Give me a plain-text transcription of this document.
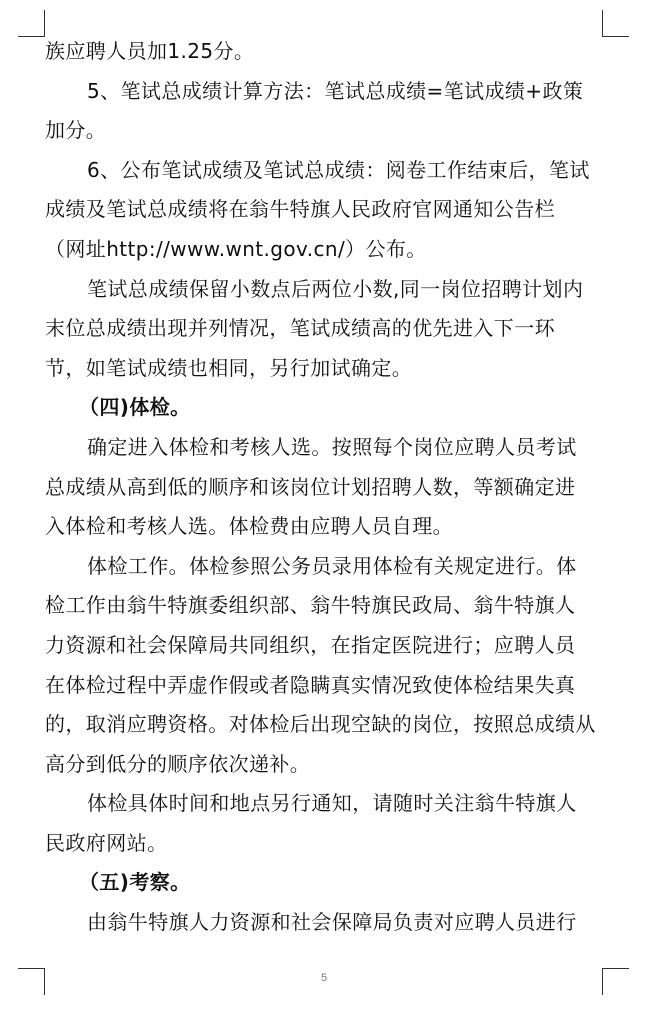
族应聘人员加1.25分。
5、笔试总成绩计算方法：笔试总成绩=笔试成绩+政策
加分。
6、公布笔试成绩及笔试总成绩：阅卷工作结束后，笔试
成绩及笔试总成绩将在翁牛特旗人民政府官网通知公告栏
（网址http://www.wnt.gov.cn/）公布。
笔试总成绩保留小数点后两位小数,同一岗位招聘计划内
末位总成绩出现并列情况，笔试成绩高的优先进入下一环
节，如笔试成绩也相同，另行加试确定。
（四)体检。
确定进入体检和考核人选。按照每个岗位应聘人员考试
总成绩从高到低的顺序和该岗位计划招聘人数，等额确定进
入体检和考核人选。体检费由应聘人员自理。
体检工作。体检参照公务员录用体检有关规定进行。体
检工作由翁牛特旗委组织部、翁牛特旗民政局、翁牛特旗人
力资源和社会保障局共同组织，在指定医院进行；应聘人员
在体检过程中弄虚作假或者隐瞒真实情况致使体检结果失真
的，取消应聘资格。对体检后出现空缺的岗位，按照总成绩从
高分到低分的顺序依次递补。
体检具体时间和地点另行通知，请随时关注翁牛特旗人
民政府网站。
（五)考察。
由翁牛特旗人力资源和社会保障局负责对应聘人员进行
5
